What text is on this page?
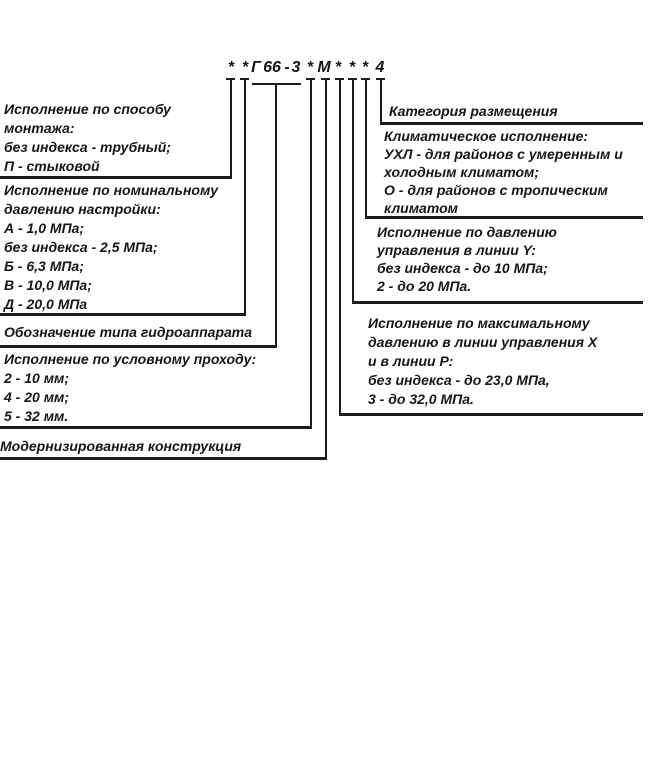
* * Г 66 - 3 * М * * * 4
Исполнение по способу
монтажа:
без индекса - трубный;
П - стыковой
Исполнение по номинальному
давлению настройки:
А - 1,0 МПа;
без индекса - 2,5 МПа;
Б - 6,3 МПа;
В - 10,0 МПа;
Д - 20,0 МПа
Обозначение типа гидроаппарата
Исполнение по условному проходу:
2 - 10 мм;
4 - 20 мм;
5 - 32 мм.
Модернизированная конструкция
Категория размещения
Климатическое исполнение:
УХЛ - для районов с умеренным и
холодным климатом;
О - для районов с тропическим
климатом
Исполнение по давлению
управления в линии Y:
без индекса - до 10 МПа;
2 - до 20 МПа.
Исполнение по максимальному
давлению в линии управления Х
и в линии Р:
без индекса - до 23,0 МПа,
3 - до 32,0 МПа.
